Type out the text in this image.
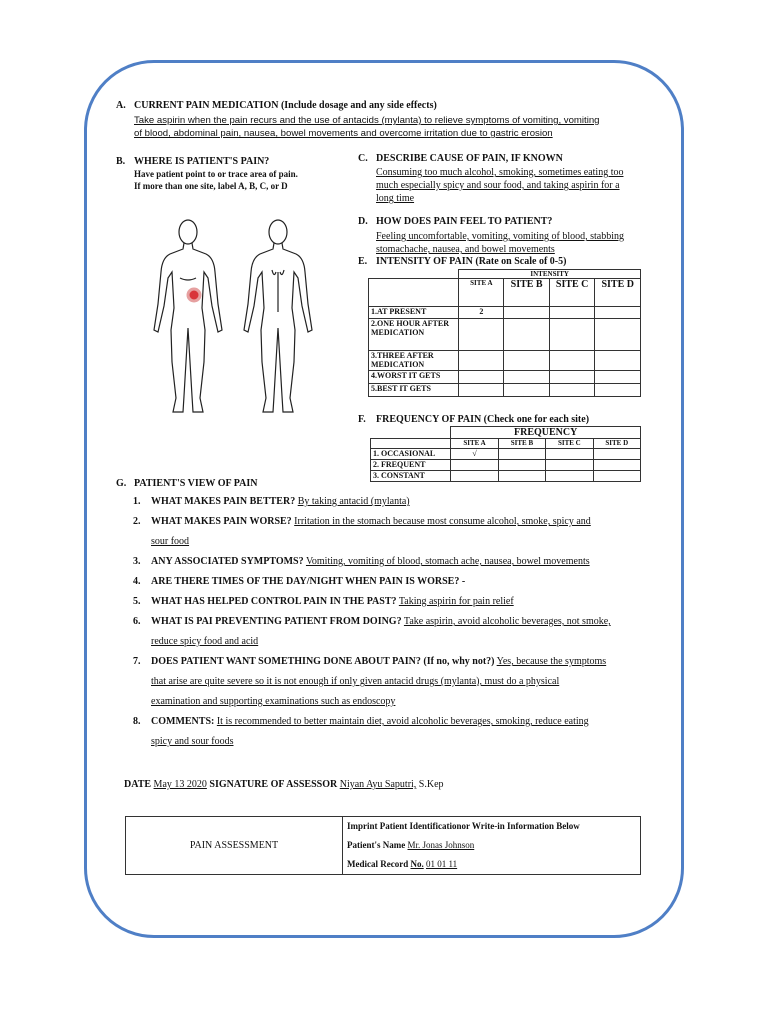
A. CURRENT PAIN MEDICATION (Include dosage and any side effects)
Take aspirin when the pain recurs and the use of antacids (mylanta) to relieve symptoms of vomiting, vomiting
of blood, abdominal pain, nausea, bowel movements and overcome irritation due to gastric erosion
B. WHERE IS PATIENT'S PAIN?
Have patient point to or trace area of pain.
If more than one site, label A, B, C, or D
C. DESCRIBE CAUSE OF PAIN, IF KNOWN
Consuming too much alcohol, smoking, sometimes eating too
much especially spicy and sour food, and taking aspirin for a
long time
D. HOW DOES PAIN FEEL TO PATIENT?
Feeling uncomfortable, vomiting, vomiting of blood, stabbing
stomachache, nausea, and bowel movements
E. INTENSITY OF PAIN (Rate on Scale of 0-5)
	INTENSITY			
	SITE A	SITE B	SITE C	SITE D
1.AT PRESENT	2			
2.ONE HOUR AFTER MEDICATION				
3.THREE AFTER MEDICATION				
4.WORST IT GETS				
5.BEST IT GETS				
F. FREQUENCY OF PAIN (Check one for each site)
	FREQUENCY			
	SITE A	SITE B	SITE C	SITE D
1. OCCASIONAL	√			
2. FREQUENT				
3. CONSTANT				
G. PATIENT'S VIEW OF PAIN
1. WHAT MAKES PAIN BETTER? By taking antacid (mylanta)
2. WHAT MAKES PAIN WORSE? Irritation in the stomach because most consume alcohol, smoke, spicy and
sour food
3. ANY ASSOCIATED SYMPTOMS? Vomiting, vomiting of blood, stomach ache, nausea, bowel movements
4. ARE THERE TIMES OF THE DAY/NIGHT WHEN PAIN IS WORSE? -
5. WHAT HAS HELPED CONTROL PAIN IN THE PAST? Taking aspirin for pain relief
6. WHAT IS PAI PREVENTING PATIENT FROM DOING? Take aspirin, avoid alcoholic beverages, not smoke,
reduce spicy food and acid
7. DOES PATIENT WANT SOMETHING DONE ABOUT PAIN? (If no, why not?) Yes, because the symptoms
that arise are quite severe so it is not enough if only given antacid drugs (mylanta), must do a physical
examination and supporting examinations such as endoscopy
8. COMMENTS: It is recommended to better maintain diet, avoid alcoholic beverages, smoking, reduce eating
spicy and sour foods
DATE May 13 2020 SIGNATURE OF ASSESSOR Niyan Ayu Saputri, S.Kep
PAIN ASSESSMENT	
Imprint Patient Identificationor Write-in Information Below
Patient's Name Mr. Jonas Johnson
Medical Record No. 01 01 11
